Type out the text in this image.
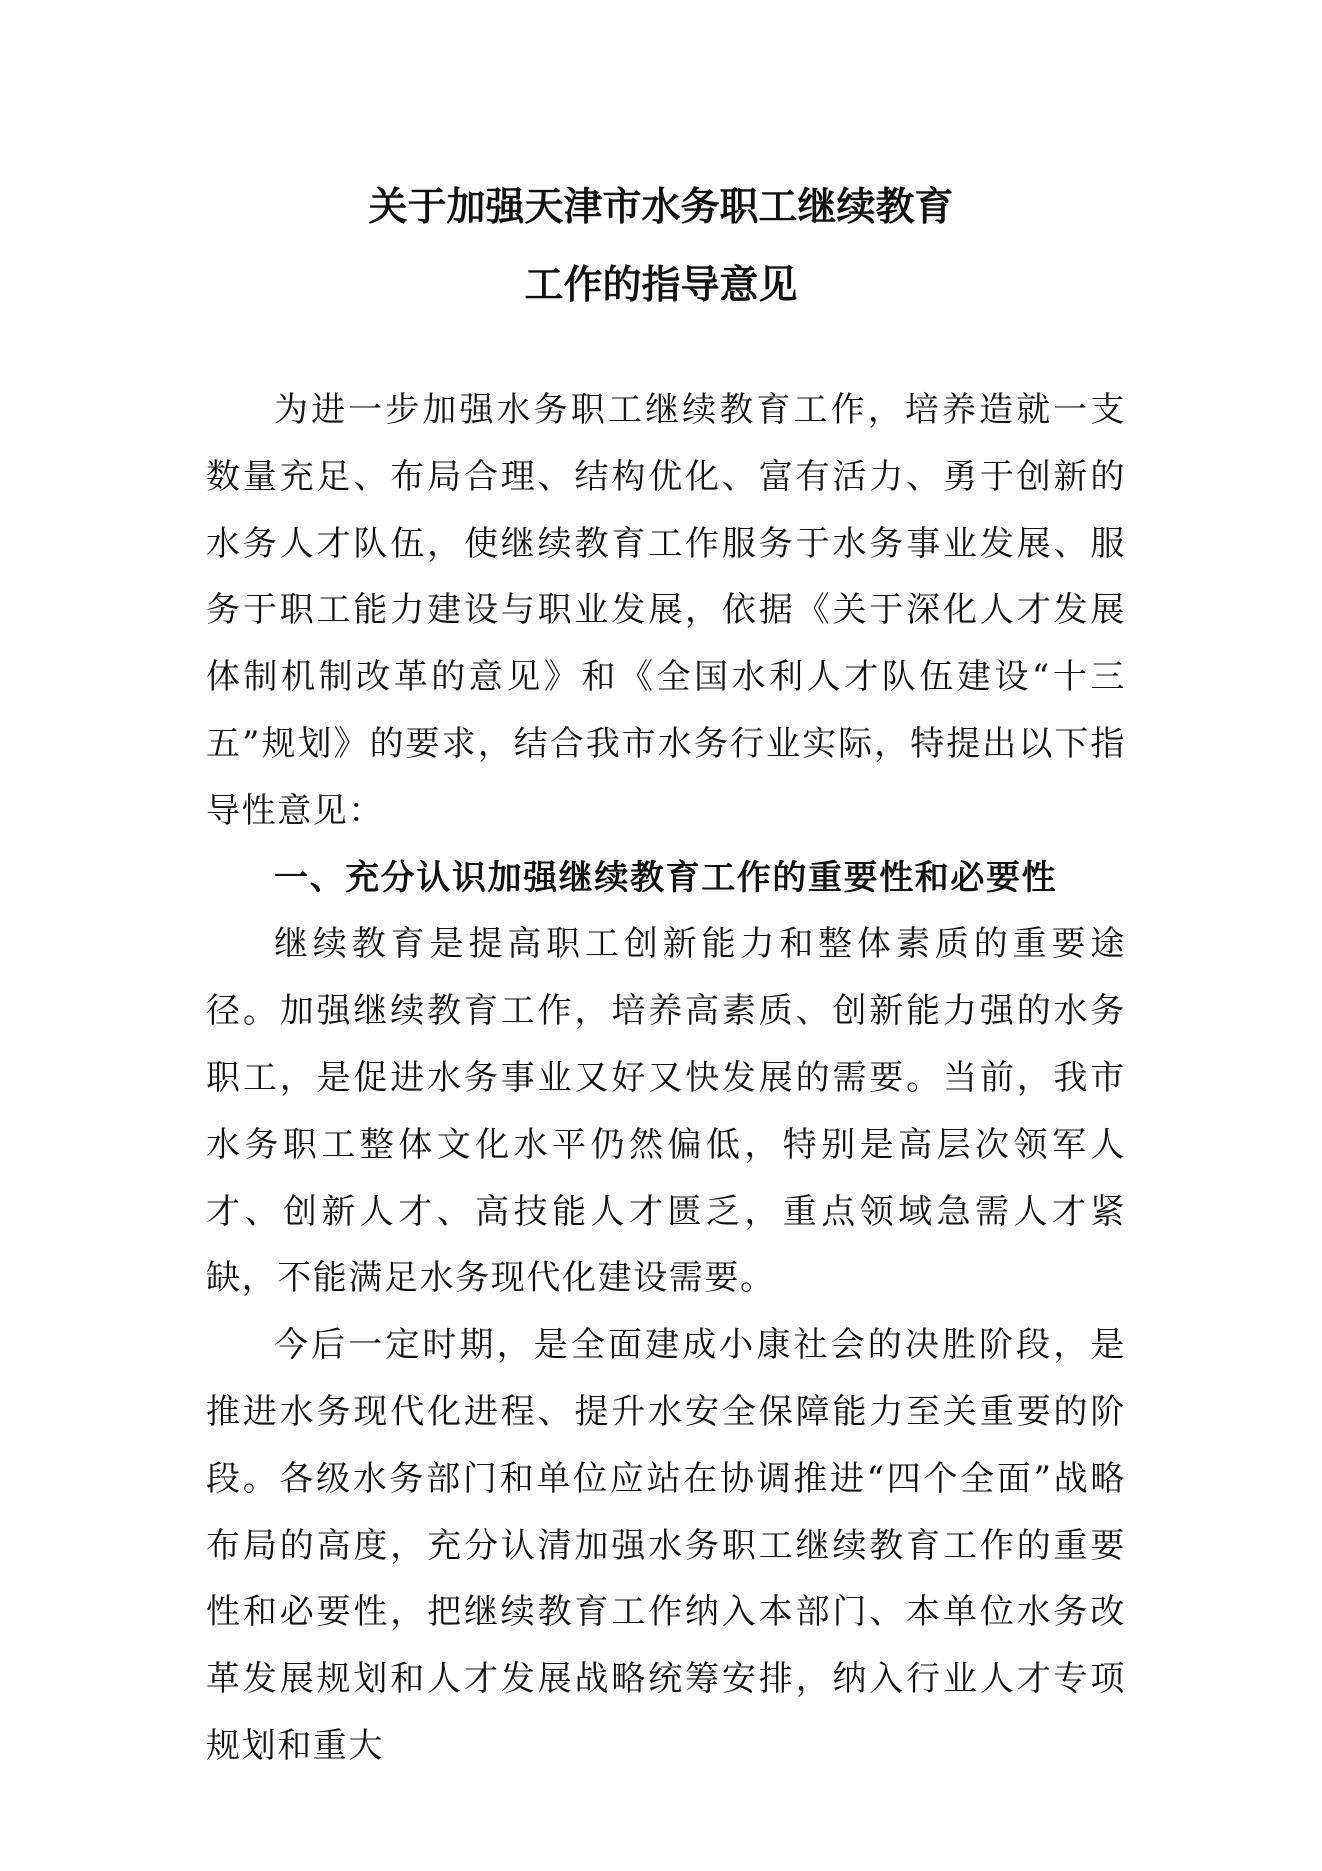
关于加强天津市水务职工继续教育
工作的指导意见

为进一步加强水务职工继续教育工作，培养造就一支数量充足、布局合理、结构优化、富有活力、勇于创新的水务人才队伍，使继续教育工作服务于水务事业发展、服务于职工能力建设与职业发展，依据《关于深化人才发展体制机制改革的意见》和《全国水利人才队伍建设“十三五”规划》的要求，结合我市水务行业实际，特提出以下指导性意见：

一、充分认识加强继续教育工作的重要性和必要性

继续教育是提高职工创新能力和整体素质的重要途径。加强继续教育工作，培养高素质、创新能力强的水务职工，是促进水务事业又好又快发展的需要。当前，我市水务职工整体文化水平仍然偏低，特别是高层次领军人才、创新人才、高技能人才匮乏，重点领域急需人才紧缺，不能满足水务现代化建设需要。

今后一定时期，是全面建成小康社会的决胜阶段，是推进水务现代化进程、提升水安全保障能力至关重要的阶段。各级水务部门和单位应站在协调推进“四个全面”战略布局的高度，充分认清加强水务职工继续教育工作的重要性和必要性，把继续教育工作纳入本部门、本单位水务改革发展规划和人才发展战略统筹安排，纳入行业人才专项规划和重大
